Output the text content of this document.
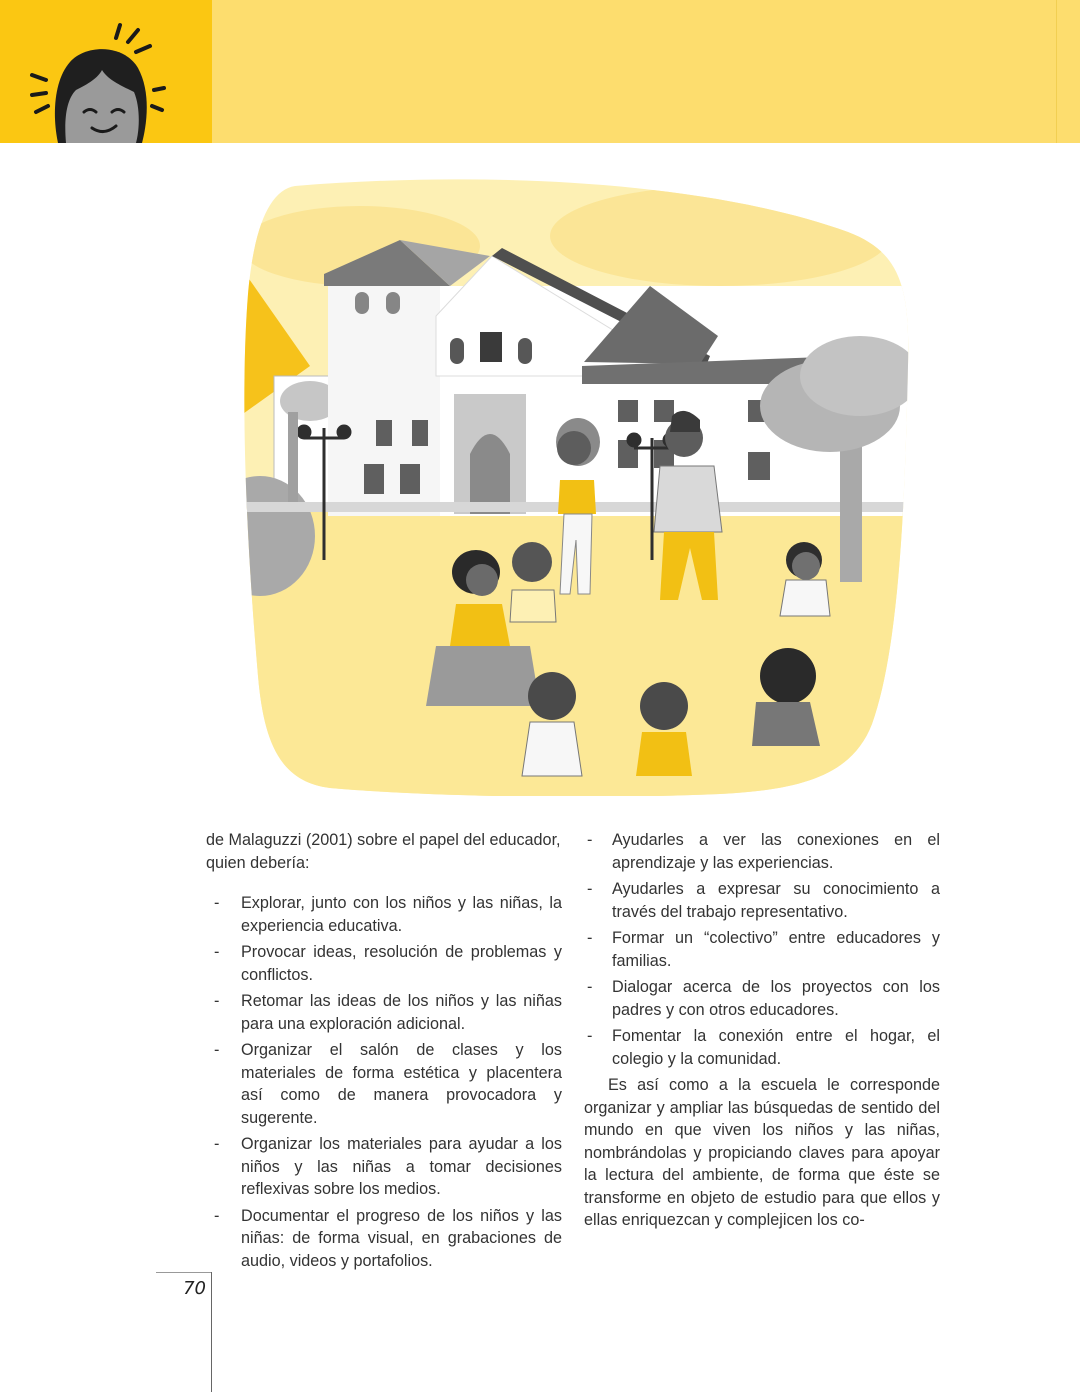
de Malaguzzi (2001) sobre el papel del educador, quien debería:

- Explorar, junto con los niños y las niñas, la experiencia educativa.
- Provocar ideas, resolución de problemas y conflictos.
- Retomar las ideas de los niños y las niñas para una exploración adicional.
- Organizar el salón de clases y los materiales de forma estética y placentera así como de manera provocadora y sugerente.
- Organizar los materiales para ayudar a los niños y las niñas a tomar decisiones reflexivas sobre los medios.
- Documentar el progreso de los niños y las niñas: de forma visual, en grabaciones de audio, videos y portafolios.
- Ayudarles a ver las conexiones en el aprendizaje y las experiencias.
- Ayudarles a expresar su conocimiento a través del trabajo representativo.
- Formar un “colectivo” entre educadores y familias.
- Dialogar acerca de los proyectos con los padres y con otros educadores.
- Fomentar la conexión entre el hogar, el colegio y la comunidad.

Es así como a la escuela le corresponde organizar y ampliar las búsquedas de sentido del mundo en que viven los niños y las niñas, nombrándolas y propiciando claves para apoyar la lectura del ambiente, de forma que éste se transforme en objeto de estudio para que ellos y ellas enriquezcan y complejicen los co-

70
